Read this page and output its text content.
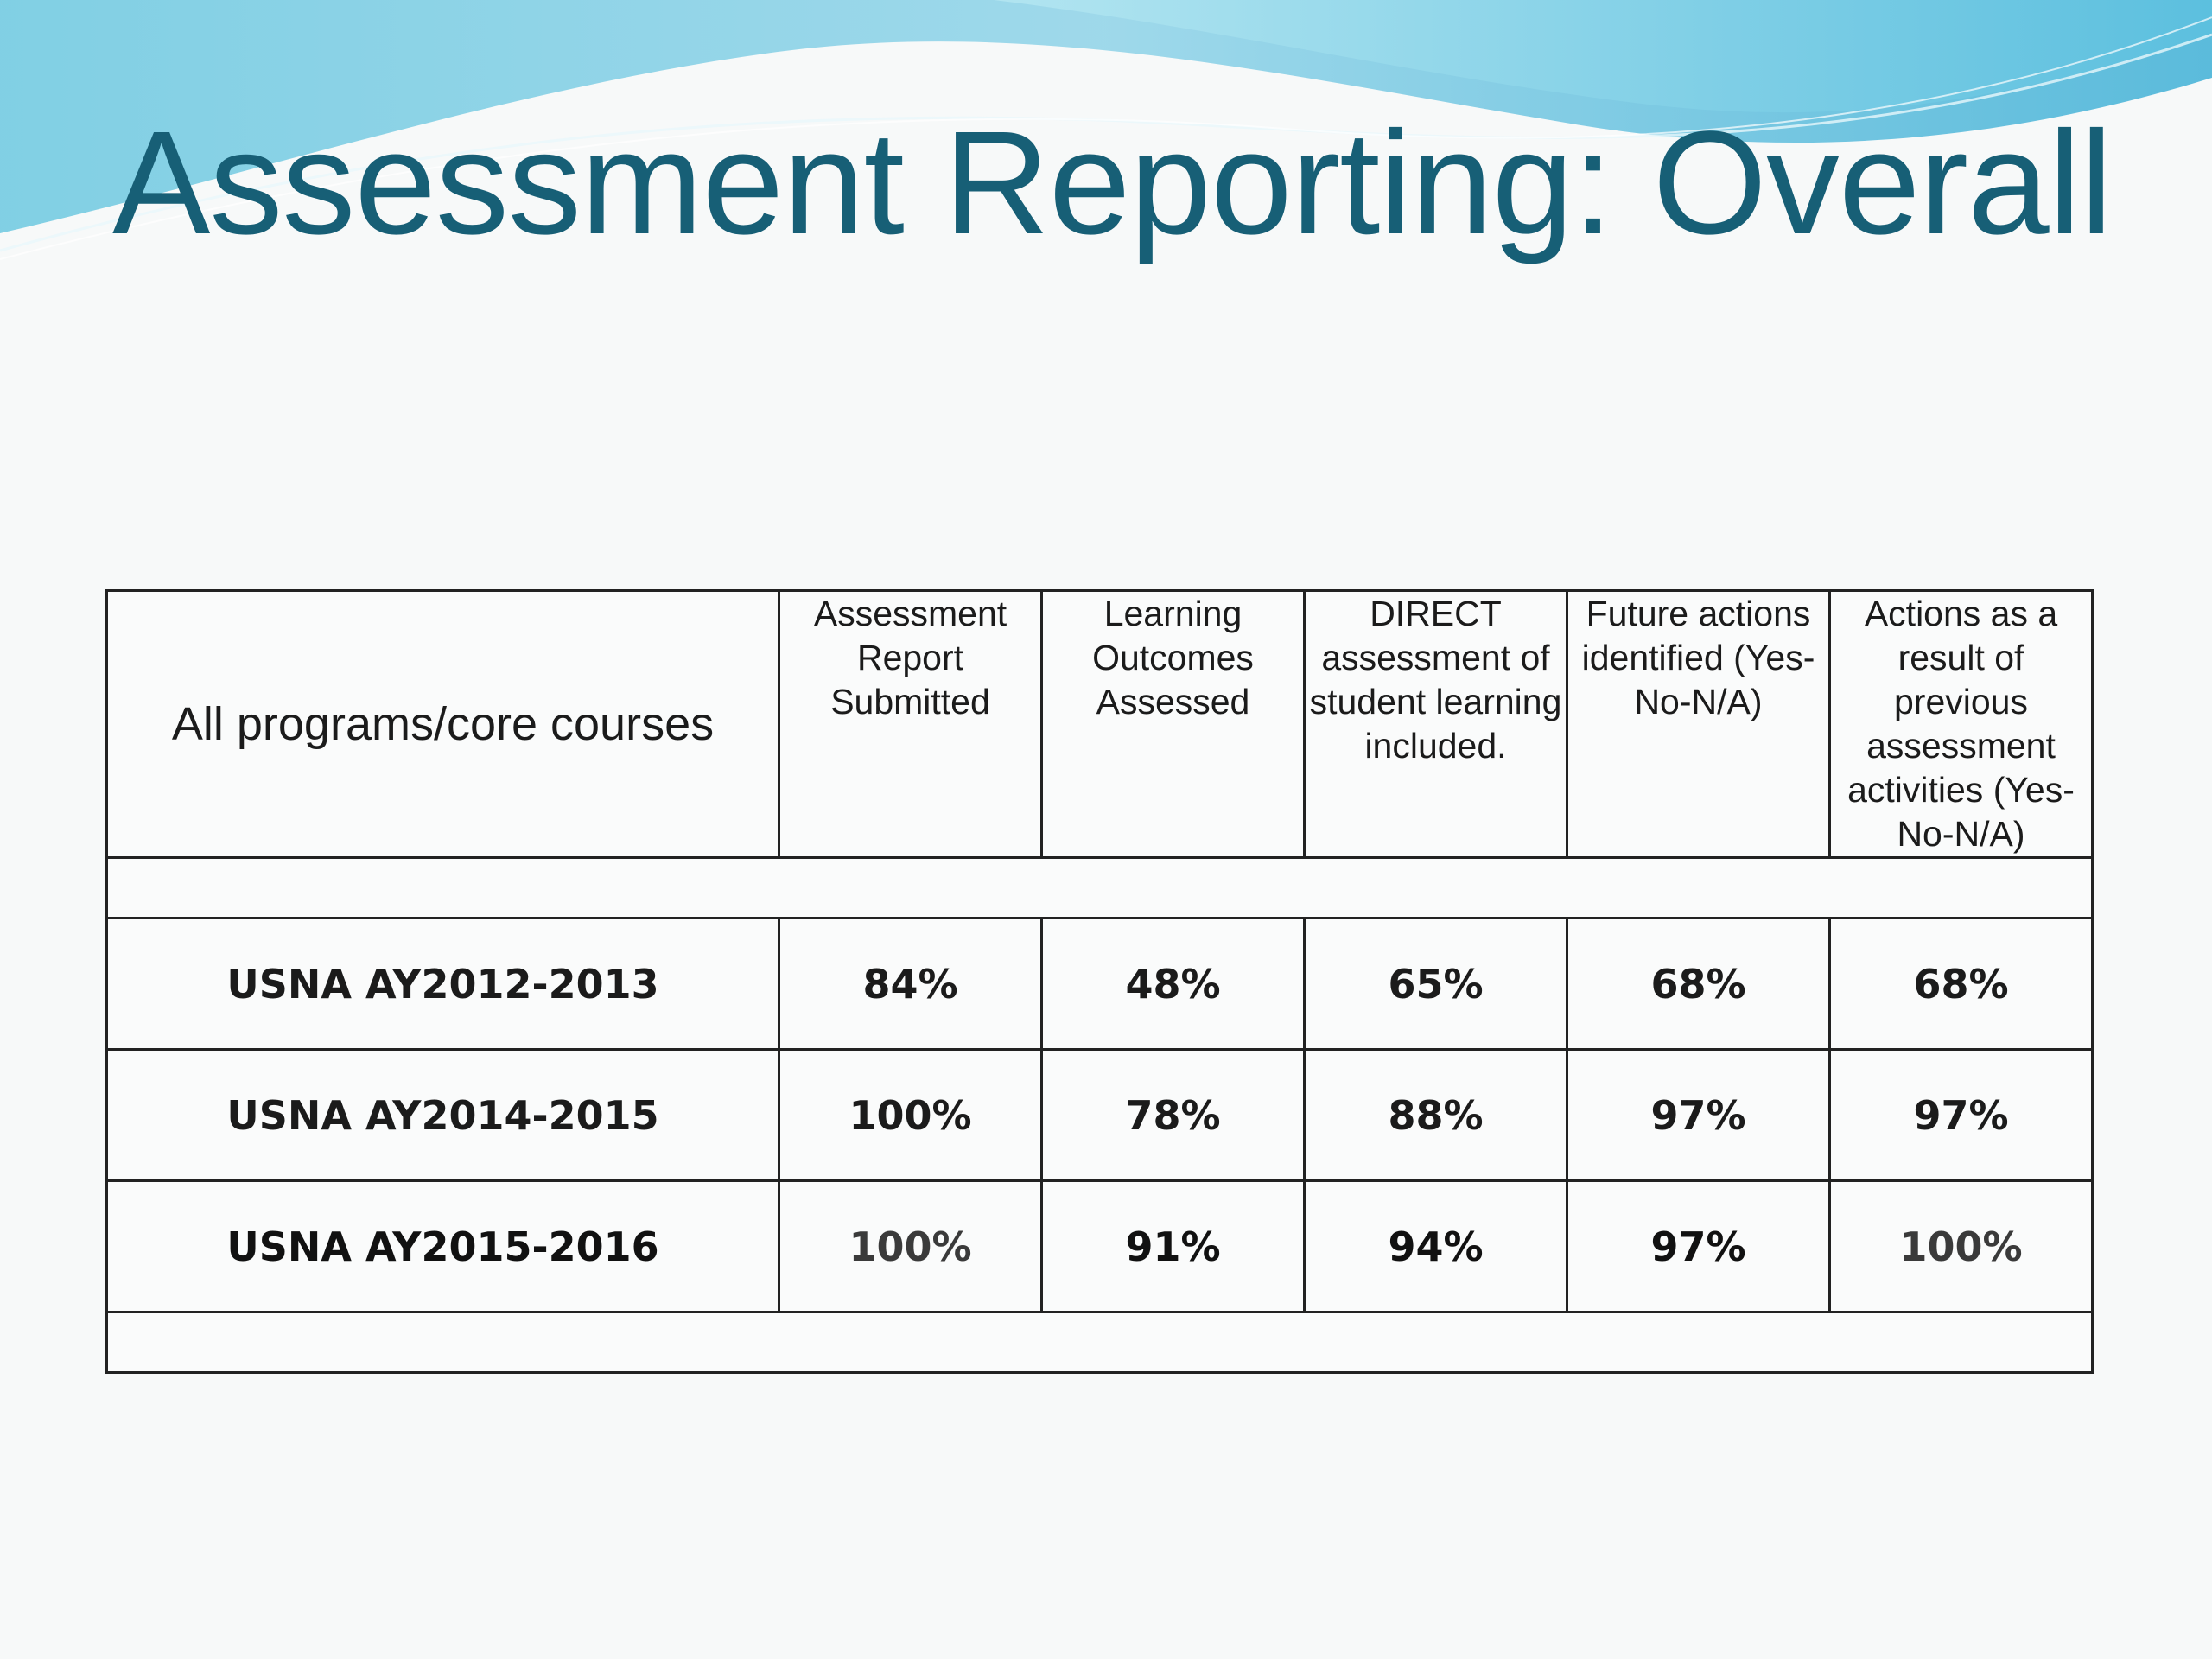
Assessment Reporting: Overall
All programs/core courses	Assessment Report Submitted	Learning Outcomes Assessed	DIRECT assessment of student learning included.	Future actions identified (Yes-No-N/A)	Actions as a result of previous assessment activities (Yes-No-N/A)

USNA AY2012-2013	84%	48%	65%	68%	68%
USNA AY2014-2015	100%	78%	88%	97%	97%
USNA AY2015-2016	100%	91%	94%	97%	100%
